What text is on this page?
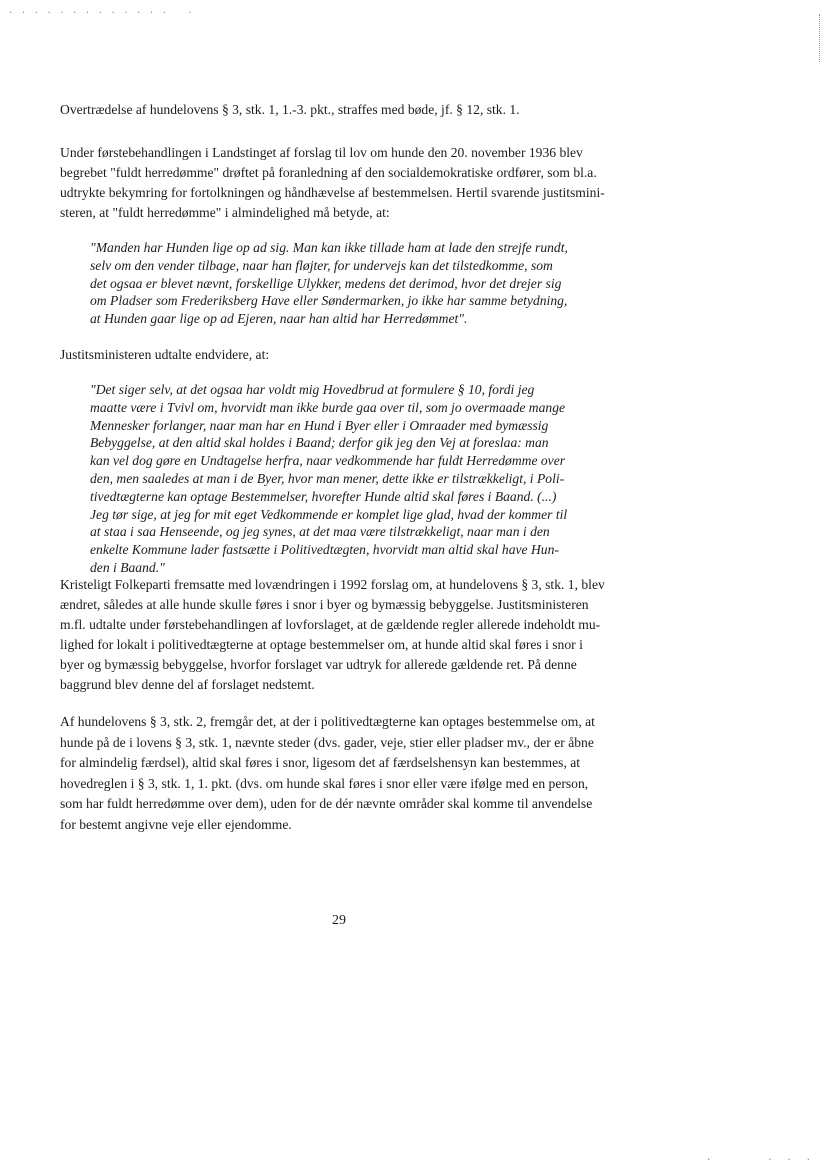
. . . . . . . . . . . . .   .
.	.  .  .
Overtrædelse af hundelovens § 3, stk. 1, 1.-3. pkt., straffes med bøde, jf. § 12, stk. 1.
Under førstebehandlingen i Landstinget af forslag til lov om hunde den 20. november 1936 blev
begrebet "fuldt herredømme" drøftet på foranledning af den socialdemokratiske ordfører, som bl.a.
udtrykte bekymring for fortolkningen og håndhævelse af bestemmelsen. Hertil svarende justitsmini-
steren, at "fuldt herredømme" i almindelighed må betyde, at:
"Manden har Hunden lige op ad sig. Man kan ikke tillade ham at lade den strejfe rundt,
selv om den vender tilbage, naar han fløjter, for undervejs kan det tilstedkomme, som
det ogsaa er blevet nævnt, forskellige Ulykker, medens det derimod, hvor det drejer sig
om Pladser som Frederiksberg Have eller Søndermarken, jo ikke har samme betydning,
at Hunden gaar lige op ad Ejeren, naar han altid har Herredømmet".
Justitsministeren udtalte endvidere, at:
"Det siger selv, at det ogsaa har voldt mig Hovedbrud at formulere § 10, fordi jeg
maatte være i Tvivl om, hvorvidt man ikke burde gaa over til, som jo overmaade mange
Mennesker forlanger, naar man har en Hund i Byer eller i Omraader med bymæssig
Bebyggelse, at den altid skal holdes i Baand; derfor gik jeg den Vej at foreslaa: man
kan vel dog gøre en Undtagelse herfra, naar vedkommende har fuldt Herredømme over
den, men saaledes at man i de Byer, hvor man mener, dette ikke er tilstrækkeligt, i Poli-
tivedtægterne kan optage Bestemmelser, hvorefter Hunde altid skal føres i Baand. (...)
Jeg tør sige, at jeg for mit eget Vedkommende er komplet lige glad, hvad der kommer til
at staa i saa Henseende, og jeg synes, at det maa være tilstrækkeligt, naar man i den
enkelte Kommune lader fastsætte i Politivedtægten, hvorvidt man altid skal have Hun-
den i Baand."
Kristeligt Folkeparti fremsatte med lovændringen i 1992 forslag om, at hundelovens § 3, stk. 1, blev
ændret, således at alle hunde skulle føres i snor i byer og bymæssig bebyggelse. Justitsministeren
m.fl. udtalte under førstebehandlingen af lovforslaget, at de gældende regler allerede indeholdt mu-
lighed for lokalt i politivedtægterne at optage bestemmelser om, at hunde altid skal føres i snor i
byer og bymæssig bebyggelse, hvorfor forslaget var udtryk for allerede gældende ret. På denne
baggrund blev denne del af forslaget nedstemt.
Af hundelovens § 3, stk. 2, fremgår det, at der i politivedtægterne kan optages bestemmelse om, at
hunde på de i lovens § 3, stk. 1, nævnte steder (dvs. gader, veje, stier eller pladser mv., der er åbne
for almindelig færdsel), altid skal føres i snor, ligesom det af færdselshensyn kan bestemmes, at
hovedreglen i § 3, stk. 1, 1. pkt. (dvs. om hunde skal føres i snor eller være ifølge med en person,
som har fuldt herredømme over dem), uden for de dér nævnte områder skal komme til anvendelse
for bestemt angivne veje eller ejendomme.
29
